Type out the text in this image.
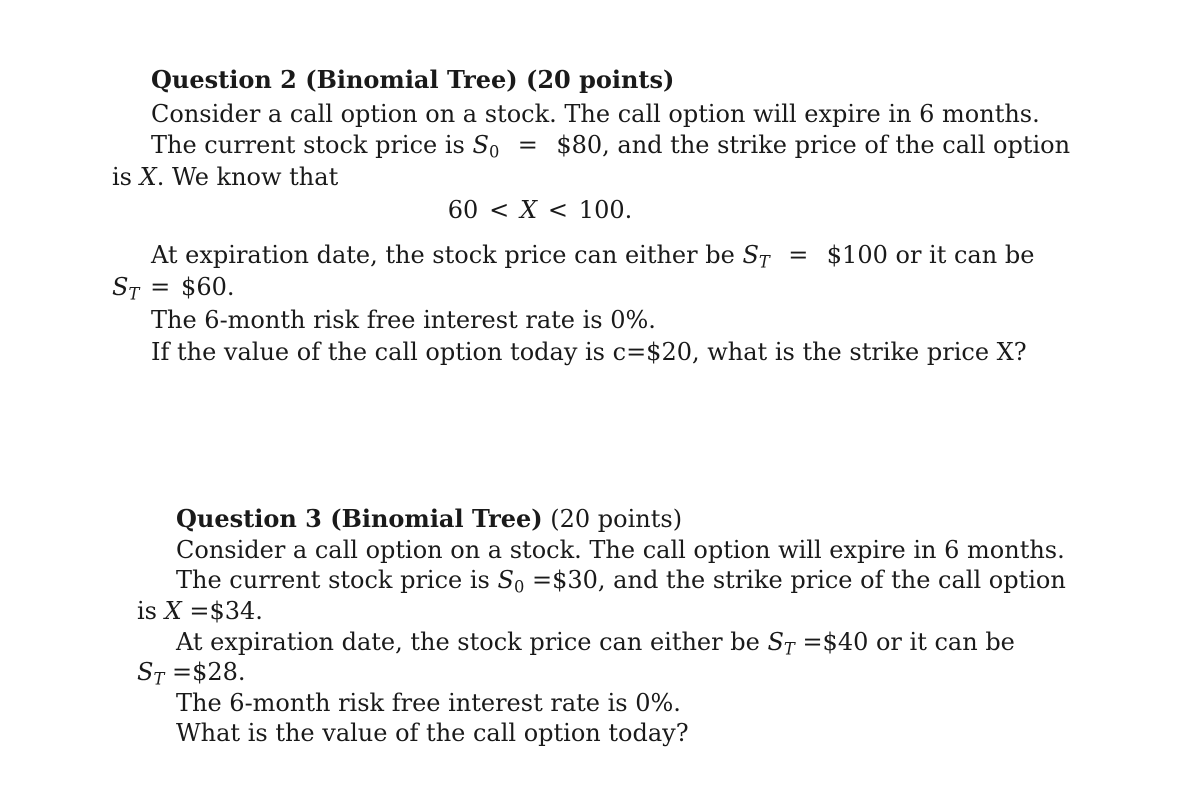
Question 2 (Binomial Tree) (20 points)
Consider a call option on a stock. The call option will expire in 6 months.
The current stock price is $S_0$ = $80, and the strike price of the call option
is X. We know that
60 < X < 100.
At expiration date, the stock price can either be $S_T$ = $100 or it can be
$S_T$ = $60.
The 6-month risk free interest rate is 0%.
If the value of the call option today is c=$20, what is the strike price X?
Question 3 (Binomial Tree) (20 points)
Consider a call option on a stock. The call option will expire in 6 months.
The current stock price is $S_0$ =$30, and the strike price of the call option
is X =$34.
At expiration date, the stock price can either be $S_T$ =$40 or it can be
$S_T$ =$28.
The 6-month risk free interest rate is 0%.
What is the value of the call option today?
